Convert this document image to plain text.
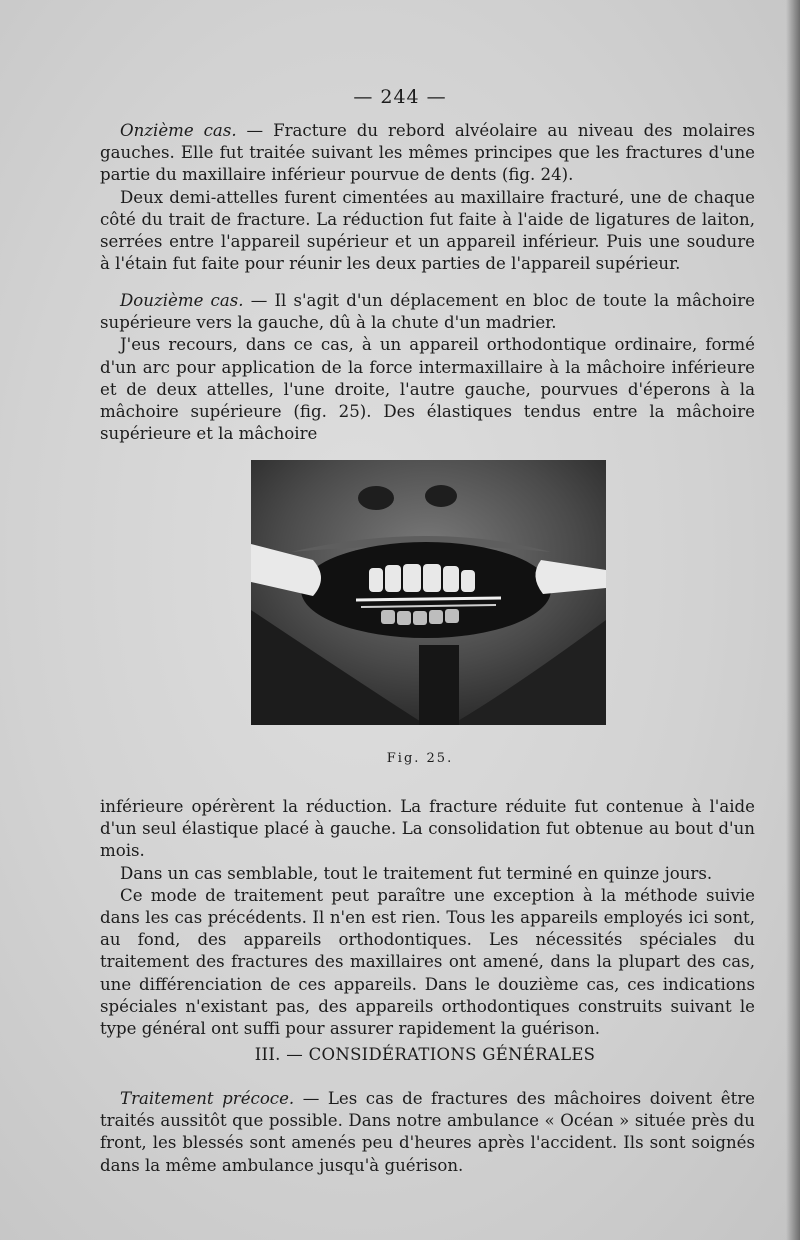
— 244 —

Onzième cas. — Fracture du rebord alvéolaire au niveau des molaires gauches. Elle fut traitée suivant les mêmes principes que les fractures d'une partie du maxillaire inférieur pourvue de dents (fig. 24).

Deux demi-attelles furent cimentées au maxillaire fracturé, une de chaque côté du trait de fracture. La réduction fut faite à l'aide de ligatures de laiton, serrées entre l'appareil supérieur et un appareil inférieur. Puis une soudure à l'étain fut faite pour réunir les deux parties de l'appareil supérieur.

Douzième cas. — Il s'agit d'un déplacement en bloc de toute la mâchoire supérieure vers la gauche, dû à la chute d'un madrier.

J'eus recours, dans ce cas, à un appareil orthodontique ordinaire, formé d'un arc pour application de la force intermaxillaire à la mâchoire inférieure et de deux attelles, l'une droite, l'autre gauche, pourvues d'éperons à la mâchoire supérieure (fig. 25). Des élastiques tendus entre la mâchoire supérieure et la mâchoire

Fig. 25.

inférieure opérèrent la réduction. La fracture réduite fut contenue à l'aide d'un seul élastique placé à gauche. La consolidation fut obtenue au bout d'un mois.

Dans un cas semblable, tout le traitement fut terminé en quinze jours.

Ce mode de traitement peut paraître une exception à la méthode suivie dans les cas précédents. Il n'en est rien. Tous les appareils employés ici sont, au fond, des appareils orthodontiques. Les nécessités spéciales du traitement des fractures des maxillaires ont amené, dans la plupart des cas, une différenciation de ces appareils. Dans le douzième cas, ces indications spéciales n'existant pas, des appareils orthodontiques construits suivant le type général ont suffi pour assurer rapidement la guérison.

III. — CONSIDÉRATIONS GÉNÉRALES

Traitement précoce. — Les cas de fractures des mâchoires doivent être traités aussitôt que possible. Dans notre ambulance « Océan » située près du front, les blessés sont amenés peu d'heures après l'accident. Ils sont soignés dans la même ambulance jusqu'à guérison.
